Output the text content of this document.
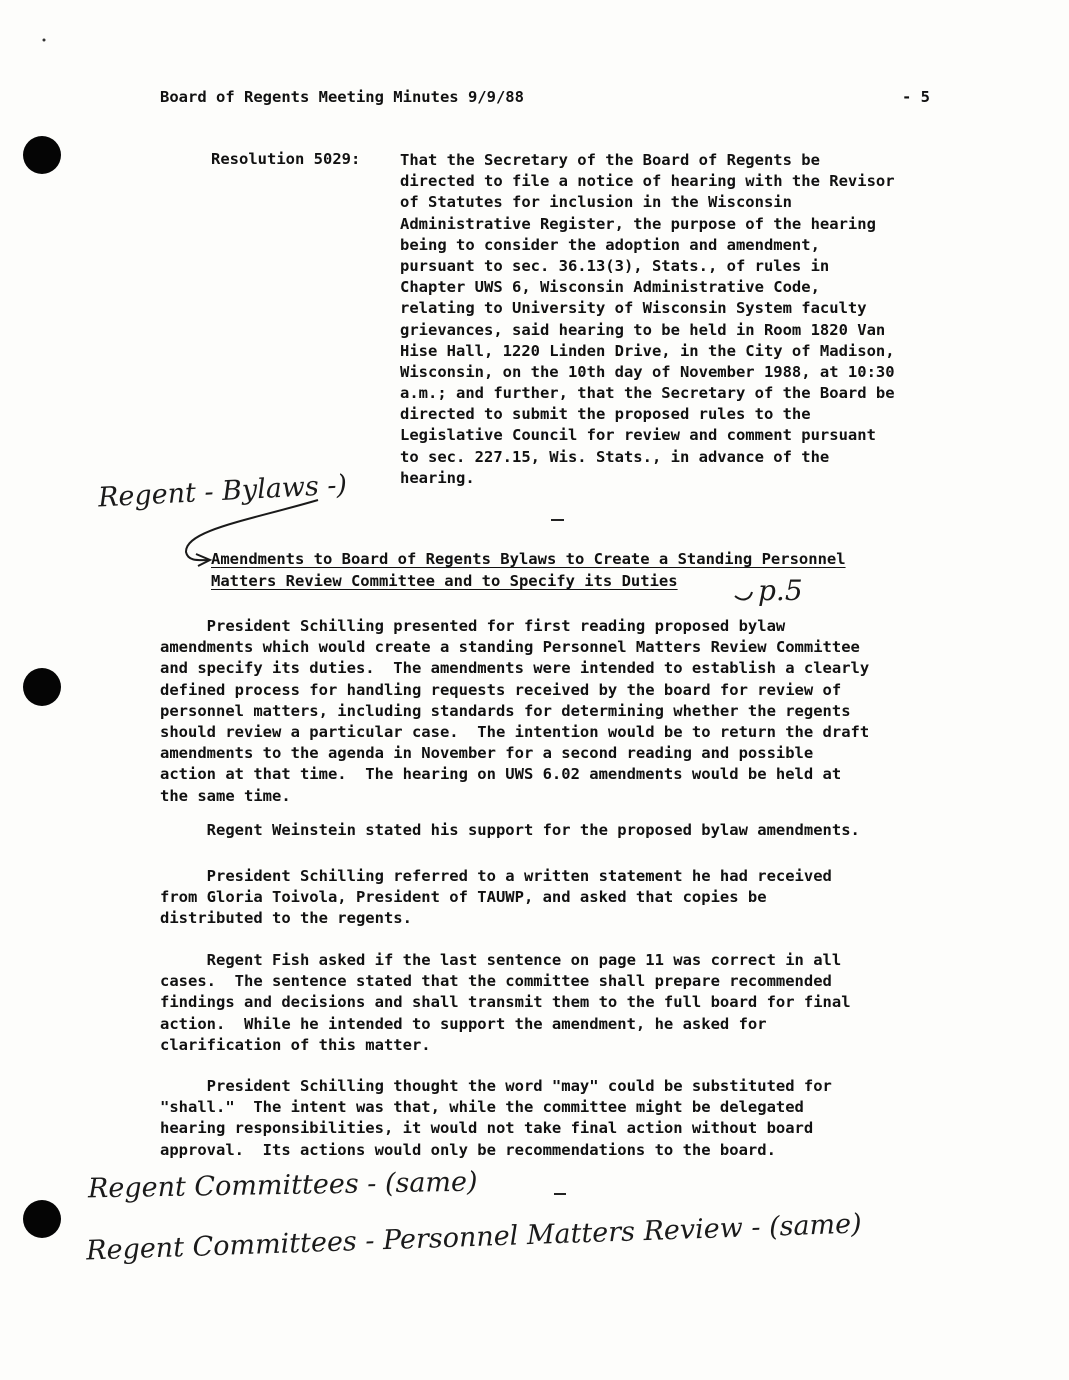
Board of Regents Meeting Minutes 9/9/88	- 5
Resolution 5029:	That the Secretary of the Board of Regents be
directed to file a notice of hearing with the Revisor
of Statutes for inclusion in the Wisconsin
Administrative Register, the purpose of the hearing
being to consider the adoption and amendment,
pursuant to sec. 36.13(3), Stats., of rules in
Chapter UWS 6, Wisconsin Administrative Code,
relating to University of Wisconsin System faculty
grievances, said hearing to be held in Room 1820 Van
Hise Hall, 1220 Linden Drive, in the City of Madison,
Wisconsin, on the 10th day of November 1988, at 10:30
a.m.; and further, that the Secretary of the Board be
directed to submit the proposed rules to the
Legislative Council for review and comment pursuant
to sec. 227.15, Wis. Stats., in advance of the
hearing.
Regent - Bylaws -)
Amendments to Board of Regents Bylaws to Create a Standing Personnel
Matters Review Committee and to Specify its Duties	p.5
President Schilling presented for first reading proposed bylaw
amendments which would create a standing Personnel Matters Review Committee
and specify its duties.  The amendments were intended to establish a clearly
defined process for handling requests received by the board for review of
personnel matters, including standards for determining whether the regents
should review a particular case.  The intention would be to return the draft
amendments to the agenda in November for a second reading and possible
action at that time.  The hearing on UWS 6.02 amendments would be held at
the same time.
Regent Weinstein stated his support for the proposed bylaw amendments.
President Schilling referred to a written statement he had received
from Gloria Toivola, President of TAUWP, and asked that copies be
distributed to the regents.
Regent Fish asked if the last sentence on page 11 was correct in all
cases.  The sentence stated that the committee shall prepare recommended
findings and decisions and shall transmit them to the full board for final
action.  While he intended to support the amendment, he asked for
clarification of this matter.
President Schilling thought the word "may" could be substituted for
"shall."  The intent was that, while the committee might be delegated
hearing responsibilities, it would not take final action without board
approval.  Its actions would only be recommendations to the board.
Regent Committees - (same)
Regent Committees - Personnel Matters Review - (same)
